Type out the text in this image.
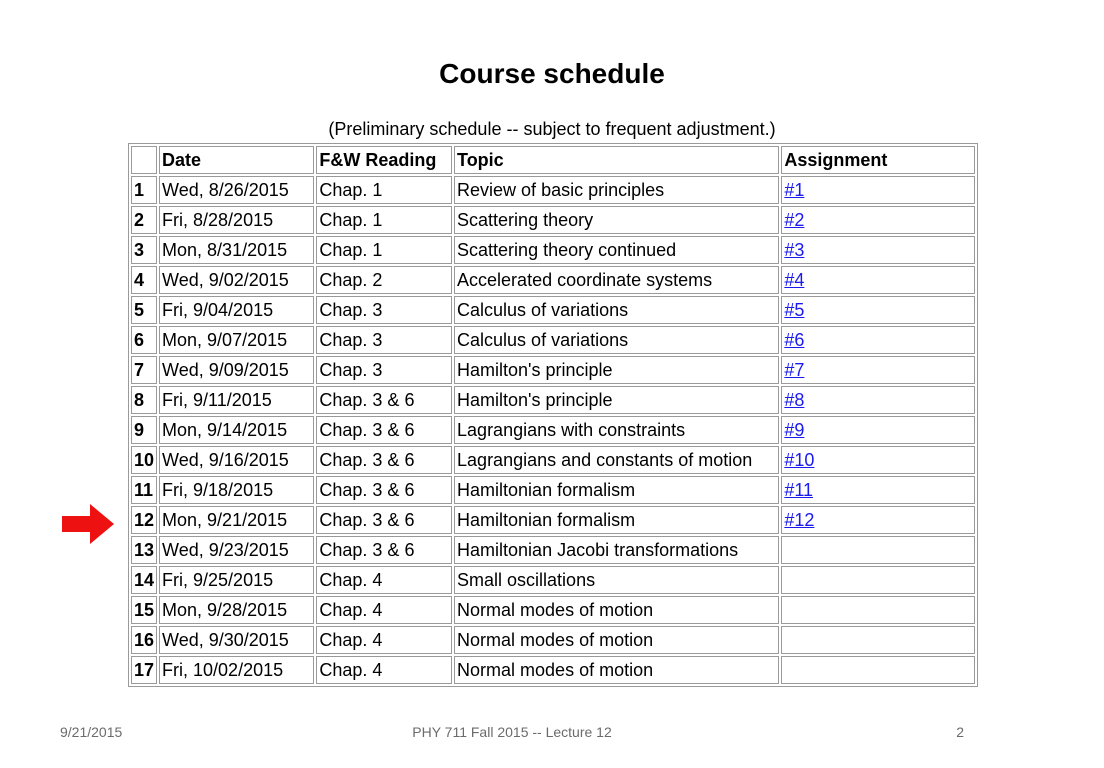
Course schedule
(Preliminary schedule -- subject to frequent adjustment.)
	Date	F&W Reading	Topic	Assignment
1	Wed, 8/26/2015	Chap. 1	Review of basic principles	#1
2	Fri, 8/28/2015	Chap. 1	Scattering theory	#2
3	Mon, 8/31/2015	Chap. 1	Scattering theory continued	#3
4	Wed, 9/02/2015	Chap. 2	Accelerated coordinate systems	#4
5	Fri, 9/04/2015	Chap. 3	Calculus of variations	#5
6	Mon, 9/07/2015	Chap. 3	Calculus of variations	#6
7	Wed, 9/09/2015	Chap. 3	Hamilton's principle	#7
8	Fri, 9/11/2015	Chap. 3 & 6	Hamilton's principle	#8
9	Mon, 9/14/2015	Chap. 3 & 6	Lagrangians with constraints	#9
10	Wed, 9/16/2015	Chap. 3 & 6	Lagrangians and constants of motion	#10
11	Fri, 9/18/2015	Chap. 3 & 6	Hamiltonian formalism	#11
12	Mon, 9/21/2015	Chap. 3 & 6	Hamiltonian formalism	#12
13	Wed, 9/23/2015	Chap. 3 & 6	Hamiltonian Jacobi transformations	
14	Fri, 9/25/2015	Chap. 4	Small oscillations	
15	Mon, 9/28/2015	Chap. 4	Normal modes of motion	
16	Wed, 9/30/2015	Chap. 4	Normal modes of motion	
17	Fri, 10/02/2015	Chap. 4	Normal modes of motion	
9/21/2015	PHY 711 Fall 2015 -- Lecture 12	2
